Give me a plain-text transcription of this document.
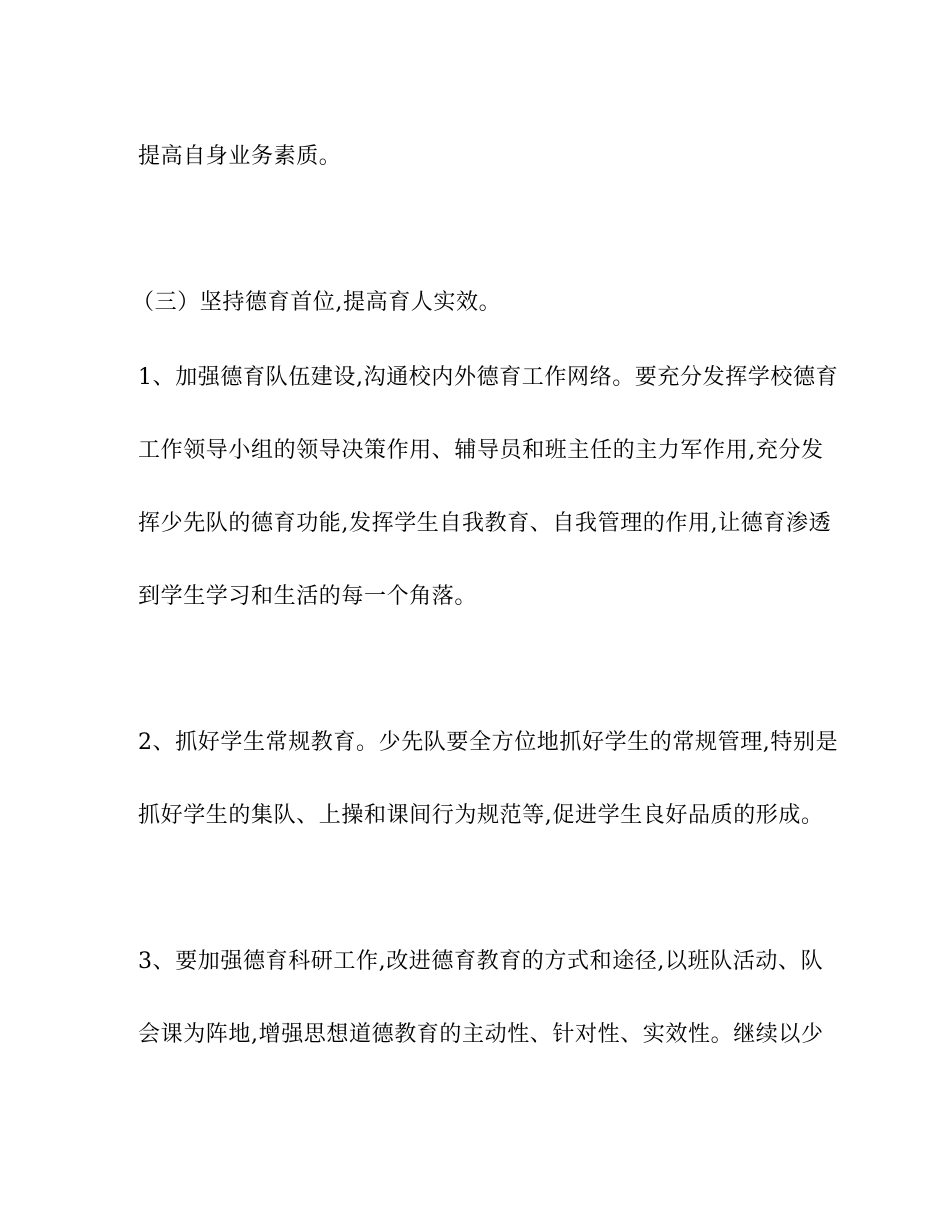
提高自身业务素质。
（三）坚持德育首位,提高育人实效。
1、加强德育队伍建设,沟通校内外德育工作网络。要充分发挥学校德育
工作领导小组的领导决策作用、辅导员和班主任的主力军作用,充分发
挥少先队的德育功能,发挥学生自我教育、自我管理的作用,让德育渗透
到学生学习和生活的每一个角落。
2、抓好学生常规教育。少先队要全方位地抓好学生的常规管理,特别是
抓好学生的集队、上操和课间行为规范等,促进学生良好品质的形成。
3、要加强德育科研工作,改进德育教育的方式和途径,以班队活动、队
会课为阵地,增强思想道德教育的主动性、针对性、实效性。继续以少
